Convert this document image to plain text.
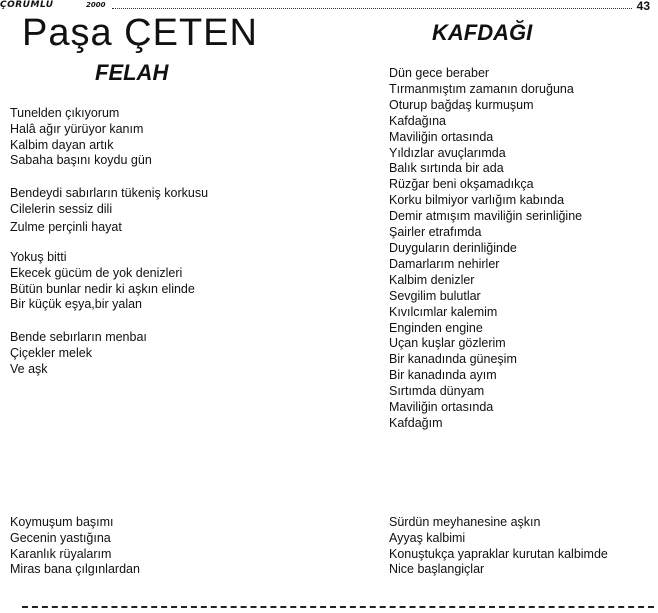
ÇORUMLU	2000	43
Paşa ÇETEN
FELAH
KAFDAĞI
Tunelden çıkıyorum
Halâ ağır yürüyor kanım
Kalbim dayan artık
Sabaha başını koydu gün
Bendeydi sabırların tükeniş korkusu
Cilelerin sessiz dili
Zulme perçinli hayat
Yokuş bitti
Ekecek gücüm de yok denizleri
Bütün bunlar nedir ki aşkın elinde
Bir küçük eşya,bir yalan
Bende sebırların menbaı
Çiçekler melek
Ve aşk
Koymuşum başımı
Gecenin yastığına
Karanlık rüyalarım
Miras bana çılgınlardan
Dün gece beraber
Tırmanmıştım zamanın doruğuna
Oturup bağdaş kurmuşum
Kafdağına
Maviliğin ortasında
Yıldızlar avuçlarımda
Balık sırtında bir ada
Rüzğar beni okşamadıkça
Korku bilmiyor varlığım kabında
Demir atmışım maviliğin serinliğine
Şairler etrafımda
Duyguların derinliğinde
Damarlarım nehirler
Kalbim denizler
Sevgilim bulutlar
Kıvılcımlar kalemim
Enginden engine
Uçan kuşlar gözlerim
Bir kanadında güneşim
Bir kanadında ayım
Sırtımda dünyam
Maviliğin ortasında
Kafdağım
Sürdün meyhanesine aşkın
Ayyaş kalbimi
Konuştukça yapraklar kurutan kalbimde
Nice başlangiçlar
